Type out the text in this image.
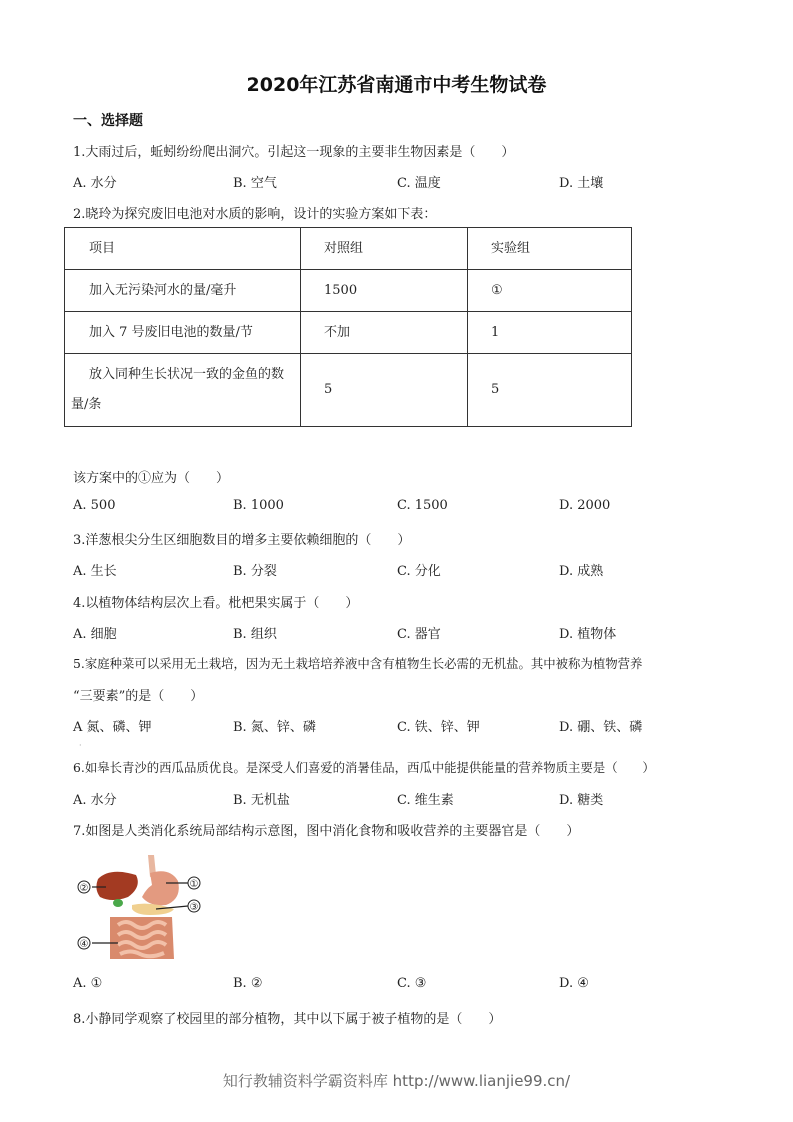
2020年江苏省南通市中考生物试卷
一、选择题
1.大雨过后，蚯蚓纷纷爬出洞穴。引起这一现象的主要非生物因素是（　　）
A. 水分	B. 空气	C. 温度	D. 土壤
2.晓玲为探究废旧电池对水质的影响，设计的实验方案如下表：
项目	对照组	实验组
加入无污染河水的量/毫升	1500	①
加入 7 号废旧电池的数量/节	不加	1
放入同种生长状况一致的金鱼的数量/条	5	5
该方案中的①应为（　　）
A. 500	B. 1000	C. 1500	D. 2000
3.洋葱根尖分生区细胞数目的增多主要依赖细胞的（　　）
A. 生长	B. 分裂	C. 分化	D. 成熟
4.以植物体结构层次上看。枇杷果实属于（　　）
A. 细胞	B. 组织	C. 器官	D. 植物体
5.家庭种菜可以采用无土栽培，因为无土栽培培养液中含有植物生长必需的无机盐。其中被称为植物营养
“三要素”的是（　　）
A 氮、磷、钾	B. 氮、锌、磷	C. 铁、锌、钾	D. 硼、铁、磷
·
6.如皋长青沙的西瓜品质优良。是深受人们喜爱的消暑佳品，西瓜中能提供能量的营养物质主要是（　　）
A. 水分	B. 无机盐	C. 维生素	D. 糖类
7.如图是人类消化系统局部结构示意图，图中消化食物和吸收营养的主要器官是（　　）
①
②
③
④
A. ①	B. ②	C. ③	D. ④
8.小静同学观察了校园里的部分植物，其中以下属于被子植物的是（　　）
知行教辅资料学霸资料库 http://www.lianjie99.cn/
